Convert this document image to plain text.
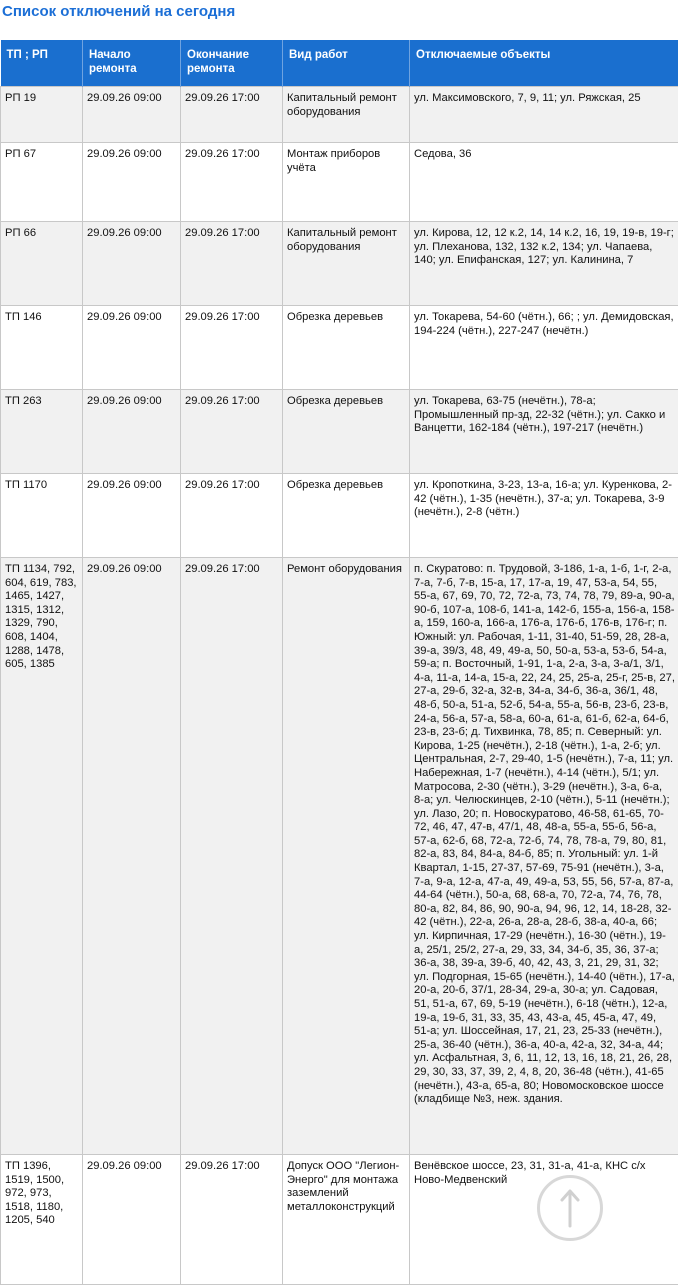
Список отключений на сегодня
ТП ; РП	Начало ремонта	Окончание ремонта	Вид работ	Отключаемые объекты
РП 19	29.09.26 09:00	29.09.26 17:00	Капитальный ремонт оборудования	ул. Максимовского, 7, 9, 11; ул. Ряжская, 25
РП 67	29.09.26 09:00	29.09.26 17:00	Монтаж приборов учёта	Седова, 36
РП 66	29.09.26 09:00	29.09.26 17:00	Капитальный ремонт оборудования	ул. Кирова, 12, 12 к.2, 14, 14 к.2, 16, 19, 19-в, 19-г; ул. Плеханова, 132, 132 к.2, 134; ул. Чапаева, 140; ул. Епифанская, 127; ул. Калинина, 7
ТП 146	29.09.26 09:00	29.09.26 17:00	Обрезка деревьев	ул. Токарева, 54-60 (чётн.), 66; ; ул. Демидовская, 194-224 (чётн.), 227-247 (нечётн.)
ТП 263	29.09.26 09:00	29.09.26 17:00	Обрезка деревьев	ул. Токарева, 63-75 (нечётн.), 78-а; Промышленный пр-зд, 22-32 (чётн.); ул. Сакко и Ванцетти, 162-184 (чётн.), 197-217 (нечётн.)
ТП 1170	29.09.26 09:00	29.09.26 17:00	Обрезка деревьев	ул. Кропоткина, 3-23, 13-а, 16-а; ул. Куренкова, 2-42 (чётн.), 1-35 (нечётн.), 37-а; ул. Токарева, 3-9 (нечётн.), 2-8 (чётн.)
ТП 1134, 792, 604, 619, 783, 1465, 1427, 1315, 1312, 1329, 790, 608, 1404, 1288, 1478, 605, 1385	29.09.26 09:00	29.09.26 17:00	Ремонт оборудования	п. Скуратово: п. Трудовой, 3-186, 1-а, 1-б, 1-г, 2-а, 7-а, 7-б, 7-в, 15-а, 17, 17-а, 19, 47, 53-а, 54, 55, 55-а, 67, 69, 70, 72, 72-а, 73, 74, 78, 79, 89-а, 90-а, 90-б, 107-а, 108-б, 141-а, 142-б, 155-а, 156-а, 158-а, 159, 160-а, 166-а, 176-а, 176-б, 176-в, 176-г; п. Южный: ул. Рабочая, 1-11, 31-40, 51-59, 28, 28-а, 39-а, 39/3, 48, 49, 49-а, 50, 50-а, 53-а, 53-б, 54-а, 59-а; п. Восточный, 1-91, 1-а, 2-а, 3-а, 3-а/1, 3/1, 4-а, 11-а, 14-а, 15-а, 22, 24, 25, 25-а, 25-г, 25-в, 27, 27-а, 29-б, 32-а, 32-в, 34-а, 34-б, 36-а, 36/1, 48, 48-б, 50-а, 51-а, 52-б, 54-а, 55-а, 56-в, 23-б, 23-в, 24-а, 56-а, 57-а, 58-а, 60-а, 61-а, 61-б, 62-а, 64-б, 23-в, 23-б; д. Тихвинка, 78, 85; п. Северный: ул. Кирова, 1-25 (нечётн.), 2-18 (чётн.), 1-а, 2-б; ул. Центральная, 2-7, 29-40, 1-5 (нечётн.), 7-а, 11; ул. Набережная, 1-7 (нечётн.), 4-14 (чётн.), 5/1; ул. Матросова, 2-30 (чётн.), 3-29 (нечётн.), 3-а, 6-а, 8-а; ул. Челюскинцев, 2-10 (чётн.), 5-11 (нечётн.); ул. Лазо, 20; п. Новоскуратово, 46-58, 61-65, 70-72, 46, 47, 47-в, 47/1, 48, 48-а, 55-а, 55-б, 56-а, 57-а, 62-б, 68, 72-а, 72-б, 74, 78, 78-а, 79, 80, 81, 82-а, 83, 84, 84-а, 84-б, 85; п. Угольный: ул. 1-й Квартал, 1-15, 27-37, 57-69, 75-91 (нечётн.), 3-а, 7-а, 9-а, 12-а, 47-а, 49, 49-а, 53, 55, 56, 57-а, 87-а, 44-64 (чётн.), 50-а, 68, 68-а, 70, 72-а, 74, 76, 78, 80-а, 82, 84, 86, 90, 90-а, 94, 96, 12, 14, 18-28, 32-42 (чётн.), 22-а, 26-а, 28-а, 28-б, 38-а, 40-а, 66; ул. Кирпичная, 17-29 (нечётн.), 16-30 (чётн.), 19-а, 25/1, 25/2, 27-а, 29, 33, 34, 34-б, 35, 36, 37-а; 36-а, 38, 39-а, 39-б, 40, 42, 43, 3, 21, 29, 31, 32; ул. Подгорная, 15-65 (нечётн.), 14-40 (чётн.), 17-а, 20-а, 20-б, 37/1, 28-34, 29-а, 30-а; ул. Садовая, 51, 51-а, 67, 69, 5-19 (нечётн.), 6-18 (чётн.), 12-а, 19-а, 19-б, 31, 33, 35, 43, 43-а, 45, 45-а, 47, 49, 51-а; ул. Шоссейная, 17, 21, 23, 25-33 (нечётн.), 25-а, 36-40 (чётн.), 36-а, 40-а, 42-а, 32, 34-а, 44; ул. Асфальтная, 3, 6, 11, 12, 13, 16, 18, 21, 26, 28, 29, 30, 33, 37, 39, 2, 4, 8, 20, 36-48 (чётн.), 41-65 (нечётн.), 43-а, 65-а, 80; Новомосковское шоссе (кладбище №3, неж. здания.
ТП 1396, 1519, 1500, 972, 973, 1518, 1180, 1205, 540	29.09.26 09:00	29.09.26 17:00	Допуск ООО "Легион-Энерго" для монтажа заземлений металлоконструкций	Венёвское шоссе, 23, 31, 31-а, 41-а, КНС с/х Ново-Медвенский
